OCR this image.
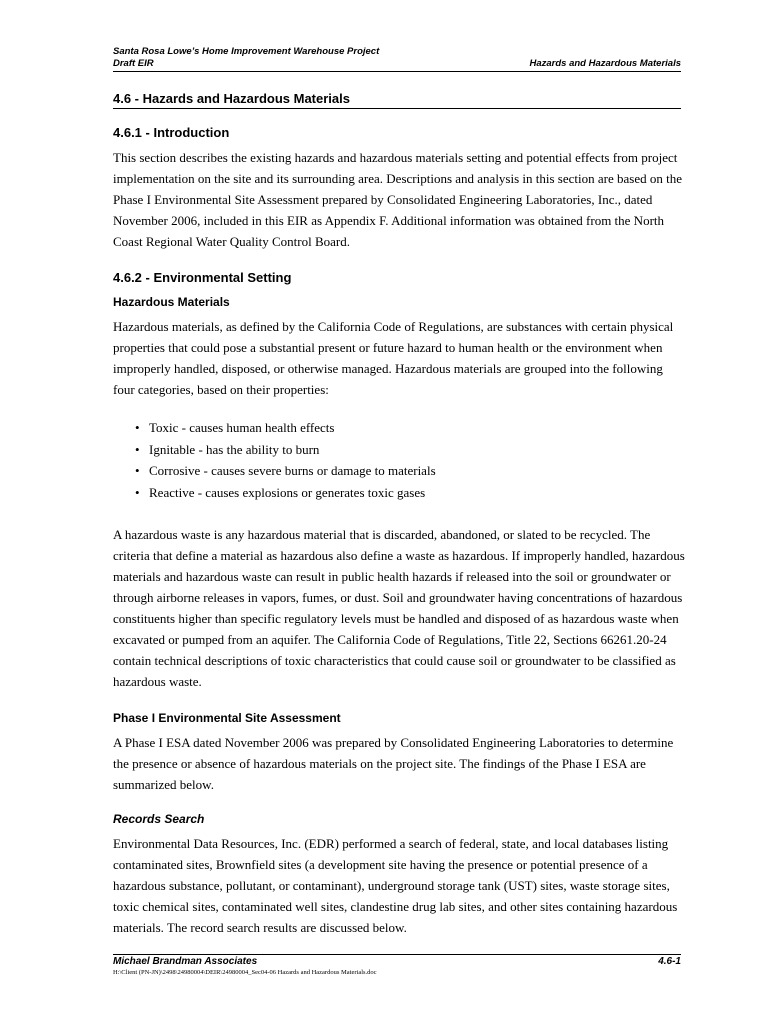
Santa Rosa Lowe’s Home Improvement Warehouse Project
Draft EIR	Hazards and Hazardous Materials
4.6 - Hazards and Hazardous Materials
4.6.1 - Introduction

This section describes the existing hazards and hazardous materials setting and potential effects from project implementation on the site and its surrounding area. Descriptions and analysis in this section are based on the Phase I Environmental Site Assessment prepared by Consolidated Engineering Laboratories, Inc., dated November 2006, included in this EIR as Appendix F. Additional information was obtained from the North Coast Regional Water Quality Control Board.

4.6.2 - Environmental Setting
Hazardous Materials

Hazardous materials, as defined by the California Code of Regulations, are substances with certain physical properties that could pose a substantial present or future hazard to human health or the environment when improperly handled, disposed, or otherwise managed. Hazardous materials are grouped into the following four categories, based on their properties:

• Toxic - causes human health effects
• Ignitable - has the ability to burn
• Corrosive - causes severe burns or damage to materials
• Reactive - causes explosions or generates toxic gases

A hazardous waste is any hazardous material that is discarded, abandoned, or slated to be recycled. The criteria that define a material as hazardous also define a waste as hazardous. If improperly handled, hazardous materials and hazardous waste can result in public health hazards if released into the soil or groundwater or through airborne releases in vapors, fumes, or dust. Soil and groundwater having concentrations of hazardous constituents higher than specific regulatory levels must be handled and disposed of as hazardous waste when excavated or pumped from an aquifer. The California Code of Regulations, Title 22, Sections 66261.20-24 contain technical descriptions of toxic characteristics that could cause soil or groundwater to be classified as hazardous waste.

Phase I Environmental Site Assessment

A Phase I ESA dated November 2006 was prepared by Consolidated Engineering Laboratories to determine the presence or absence of hazardous materials on the project site. The findings of the Phase I ESA are summarized below.

Records Search

Environmental Data Resources, Inc. (EDR) performed a search of federal, state, and local databases listing contaminated sites, Brownfield sites (a development site having the presence or potential presence of a hazardous substance, pollutant, or contaminant), underground storage tank (UST) sites, waste storage sites, toxic chemical sites, contaminated well sites, clandestine drug lab sites, and other sites containing hazardous materials. The record search results are discussed below.

Michael Brandman Associates	4.6-1
H:\Client (PN-JN)\2498\24980004\DEIR\24980004_Sec04-06 Hazards and Hazardous Materials.doc
